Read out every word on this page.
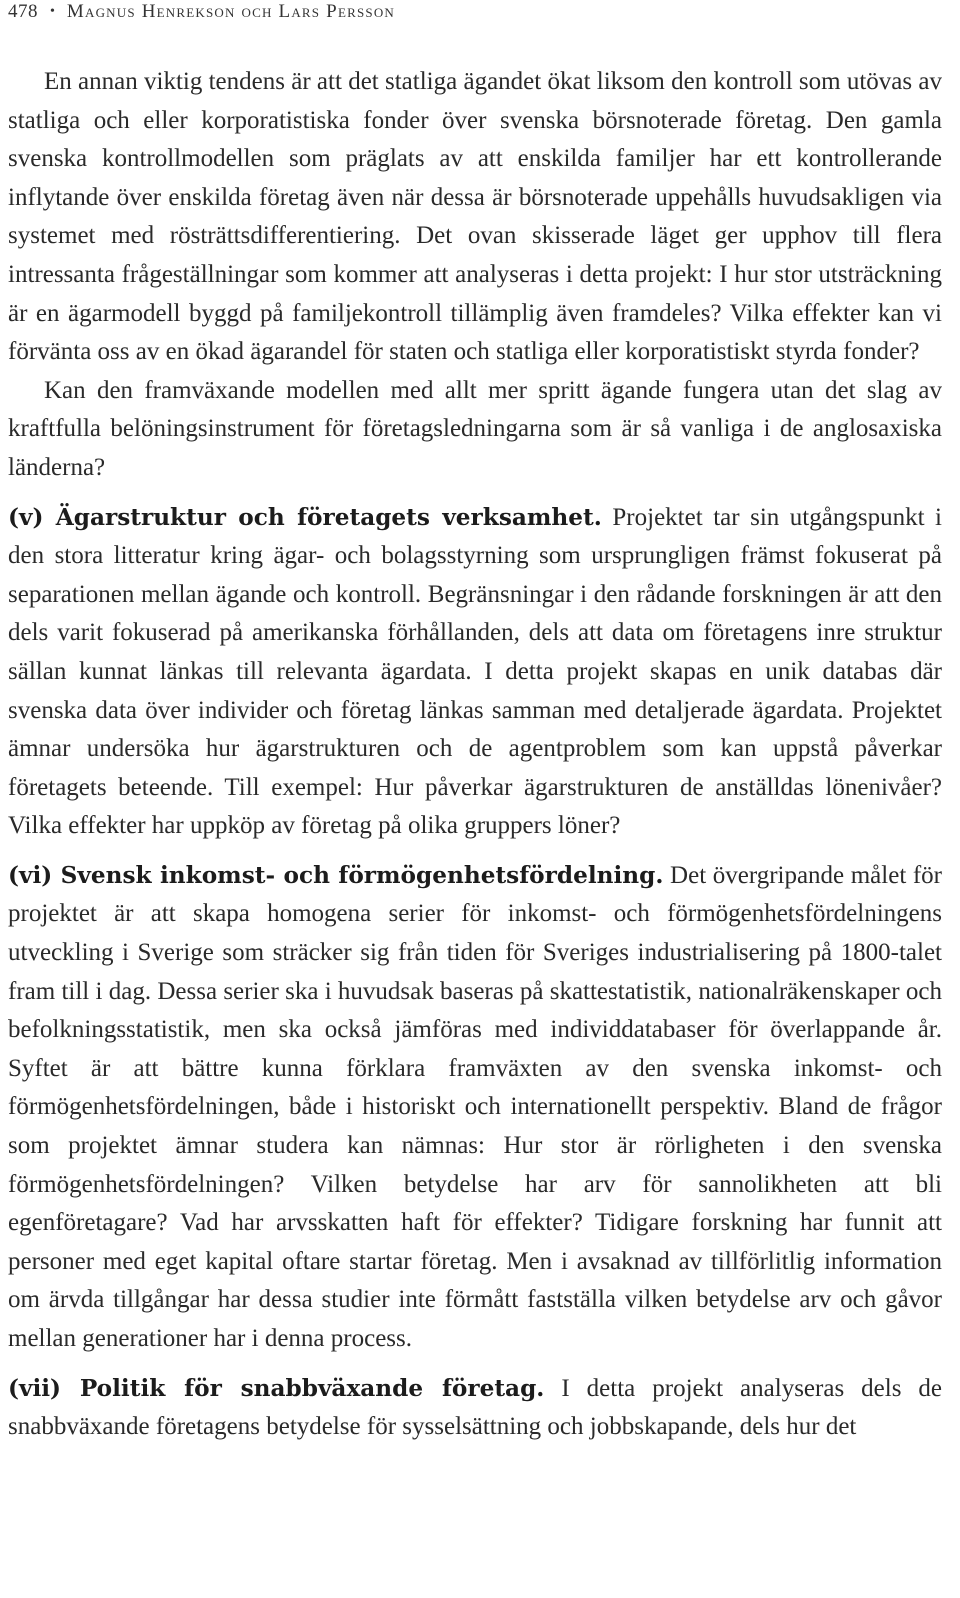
478 • Magnus Henrekson och Lars Persson

En annan viktig tendens är att det statliga ägandet ökat liksom den kontroll som utövas av statliga och eller korporatistiska fonder över svenska börsnoterade företag. Den gamla svenska kontrollmodellen som präglats av att enskilda familjer har ett kontrollerande inflytande över enskilda företag även när dessa är börsnoterade uppehålls huvudsakligen via systemet med rösträttsdifferentiering. Det ovan skisserade läget ger upphov till flera intressanta frågeställningar som kommer att analyseras i detta projekt: I hur stor utsträckning är en ägarmodell byggd på familjekontroll tillämplig även framdeles? Vilka effekter kan vi förvänta oss av en ökad ägarandel för staten och statliga eller korporatistiskt styrda fonder?

Kan den framväxande modellen med allt mer spritt ägande fungera utan det slag av kraftfulla belöningsinstrument för företagsledningarna som är så vanliga i de anglosaxiska länderna?

(v) Ägarstruktur och företagets verksamhet. Projektet tar sin utgångspunkt i den stora litteratur kring ägar- och bolagsstyrning som ursprungligen främst fokuserat på separationen mellan ägande och kontroll. Begränsningar i den rådande forskningen är att den dels varit fokuserad på amerikanska förhållanden, dels att data om företagens inre struktur sällan kunnat länkas till relevanta ägardata. I detta projekt skapas en unik databas där svenska data över individer och företag länkas samman med detaljerade ägardata. Projektet ämnar undersöka hur ägarstrukturen och de agentproblem som kan uppstå påverkar företagets beteende. Till exempel: Hur påverkar ägarstrukturen de anställdas lönenivåer? Vilka effekter har uppköp av företag på olika gruppers löner?

(vi) Svensk inkomst- och förmögenhetsfördelning. Det övergripande målet för projektet är att skapa homogena serier för inkomst- och förmögenhetsfördelningens utveckling i Sverige som sträcker sig från tiden för Sveriges industrialisering på 1800-talet fram till i dag. Dessa serier ska i huvudsak baseras på skattestatistik, nationalräkenskaper och befolkningsstatistik, men ska också jämföras med individdatabaser för överlappande år. Syftet är att bättre kunna förklara framväxten av den svenska inkomst- och förmögenhetsfördelningen, både i historiskt och internationellt perspektiv. Bland de frågor som projektet ämnar studera kan nämnas: Hur stor är rörligheten i den svenska förmögenhetsfördelningen? Vilken betydelse har arv för sannolikheten att bli egenföretagare? Vad har arvsskatten haft för effekter? Tidigare forskning har funnit att personer med eget kapital oftare startar företag. Men i avsaknad av tillförlitlig information om ärvda tillgångar har dessa studier inte förmått fastställa vilken betydelse arv och gåvor mellan generationer har i denna process.

(vii) Politik för snabbväxande företag. I detta projekt analyseras dels de snabbväxande företagens betydelse för sysselsättning och jobbskapande, dels hur det
